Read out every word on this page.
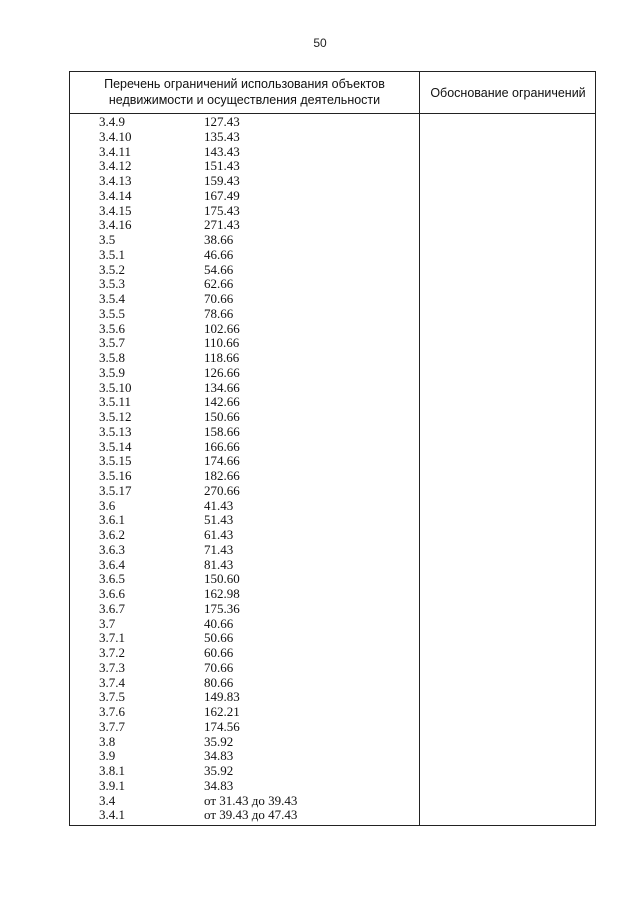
50
Перечень ограничений использования объектов
недвижимости и осуществления деятельности	Обоснование ограничений
3.4.9	127.43
3.4.10	135.43
3.4.11	143.43
3.4.12	151.43
3.4.13	159.43
3.4.14	167.49
3.4.15	175.43
3.4.16	271.43
3.5	38.66
3.5.1	46.66
3.5.2	54.66
3.5.3	62.66
3.5.4	70.66
3.5.5	78.66
3.5.6	102.66
3.5.7	110.66
3.5.8	118.66
3.5.9	126.66
3.5.10	134.66
3.5.11	142.66
3.5.12	150.66
3.5.13	158.66
3.5.14	166.66
3.5.15	174.66
3.5.16	182.66
3.5.17	270.66
3.6	41.43
3.6.1	51.43
3.6.2	61.43
3.6.3	71.43
3.6.4	81.43
3.6.5	150.60
3.6.6	162.98
3.6.7	175.36
3.7	40.66
3.7.1	50.66
3.7.2	60.66
3.7.3	70.66
3.7.4	80.66
3.7.5	149.83
3.7.6	162.21
3.7.7	174.56
3.8	35.92
3.9	34.83
3.8.1	35.92
3.9.1	34.83
3.4	от 31.43 до 39.43
3.4.1	от 39.43 до 47.43
